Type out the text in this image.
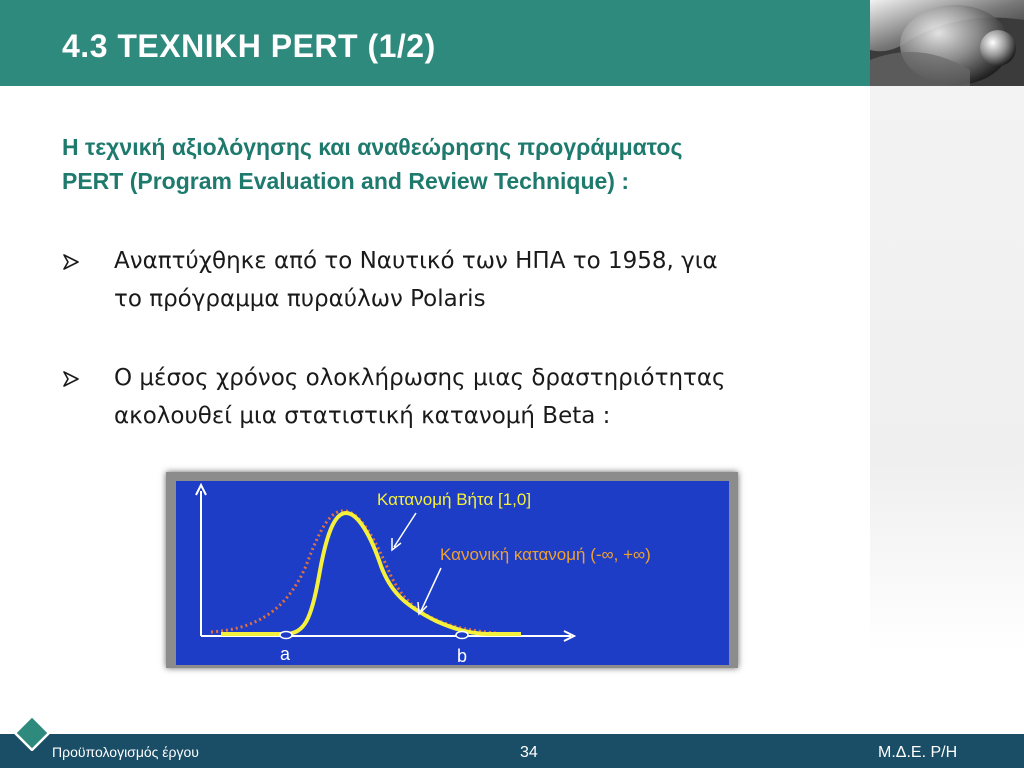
4.3 ΤΕΧΝΙΚΗ PERT (1/2)
Η τεχνική αξιολόγησης και αναθεώρησης προγράμματος
PERT (Program Evaluation and Review Technique) :
Αναπτύχθηκε από το Ναυτικό των ΗΠΑ το 1958, για
το πρόγραμμα πυραύλων Polaris
Ο μέσος χρόνος ολοκλήρωσης μιας δραστηριότητας
ακολουθεί μια στατιστική κατανομή Beta :
a	b
Κατανομή Βήτα [1,0]
Κανονική κατανομή (-∞, +∞)
Προϋπολογισμός έργου	34	Μ.Δ.Ε. Ρ/Η
